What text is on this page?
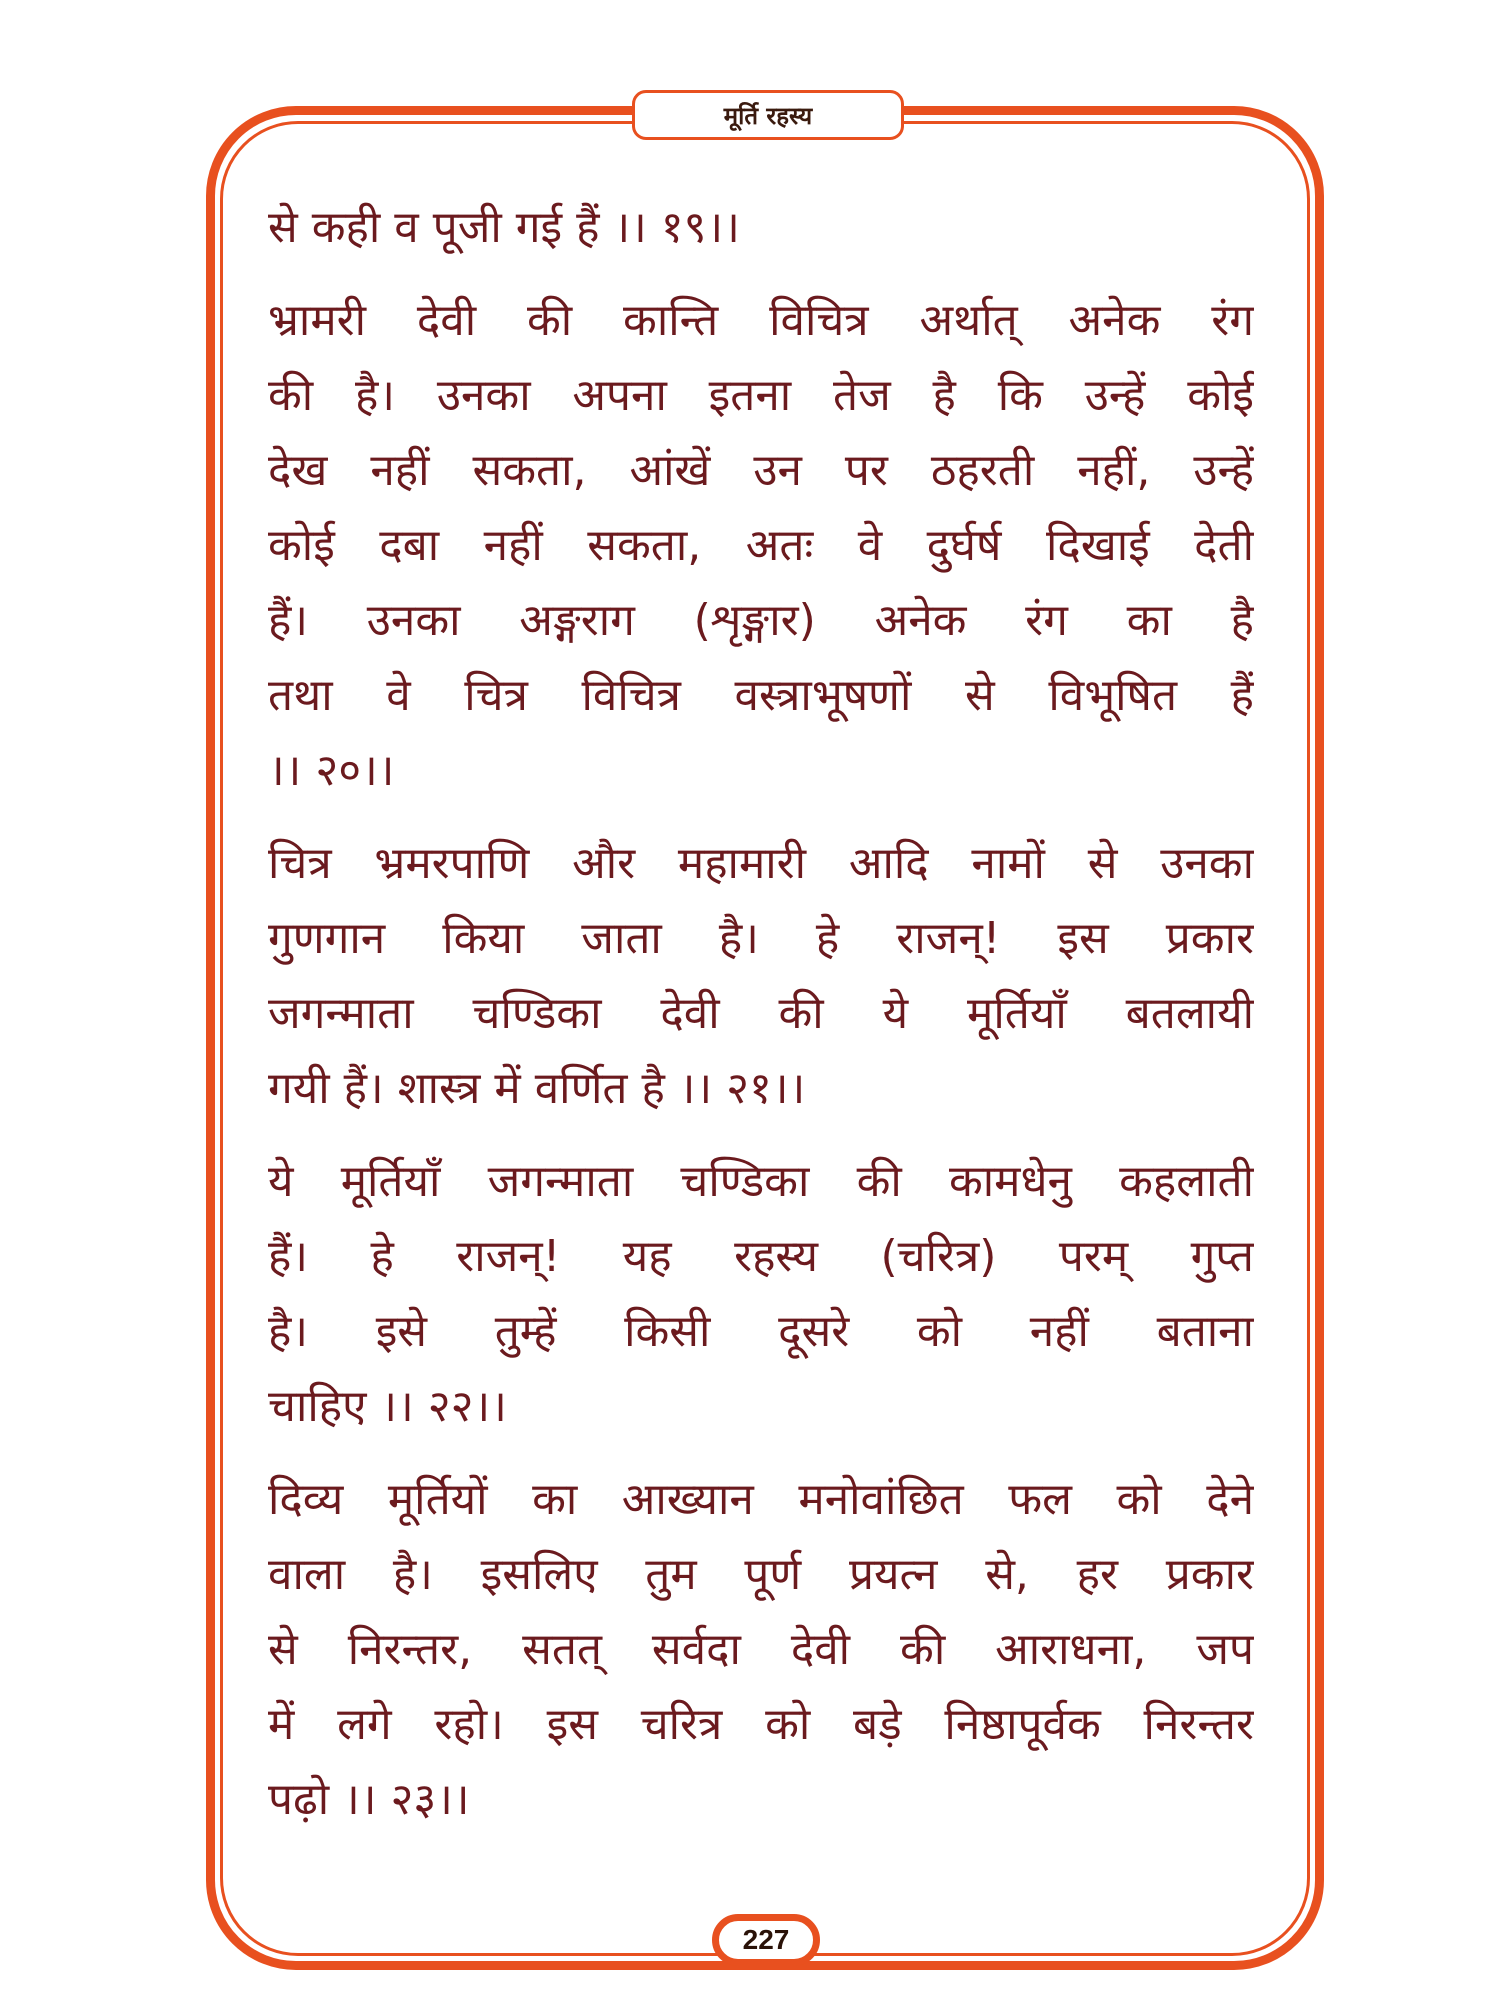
मूर्ति रहस्य
से कही व पूजी गई हैं ।। १९।।
भ्रामरी देवी की कान्ति विचित्र अर्थात् अनेक रंग
की है। उनका अपना इतना तेज है कि उन्हें कोई
देख नहीं सकता, आंखें उन पर ठहरती नहीं, उन्हें
कोई दबा नहीं सकता, अतः वे दुर्घर्ष दिखाई देती
हैं। उनका अङ्गराग (शृङ्गार) अनेक रंग का है
तथा वे चित्र विचित्र वस्त्राभूषणों से विभूषित हैं
।। २०।।
चित्र भ्रमरपाणि और महामारी आदि नामों से उनका
गुणगान किया जाता है। हे राजन्! इस प्रकार
जगन्माता चण्डिका देवी की ये मूर्तियाँ बतलायी
गयी हैं। शास्त्र में वर्णित है ।। २१।।
ये मूर्तियाँ जगन्माता चण्डिका की कामधेनु कहलाती
हैं। हे राजन्! यह रहस्य (चरित्र) परम् गुप्त
है। इसे तुम्हें किसी दूसरे को नहीं बताना
चाहिए ।। २२।।
दिव्य मूर्तियों का आख्यान मनोवांछित फल को देने
वाला है। इसलिए तुम पूर्ण प्रयत्न से, हर प्रकार
से निरन्तर, सतत् सर्वदा देवी की आराधना, जप
में लगे रहो। इस चरित्र को बड़े निष्ठापूर्वक निरन्तर
पढ़ो ।। २३।।
227
